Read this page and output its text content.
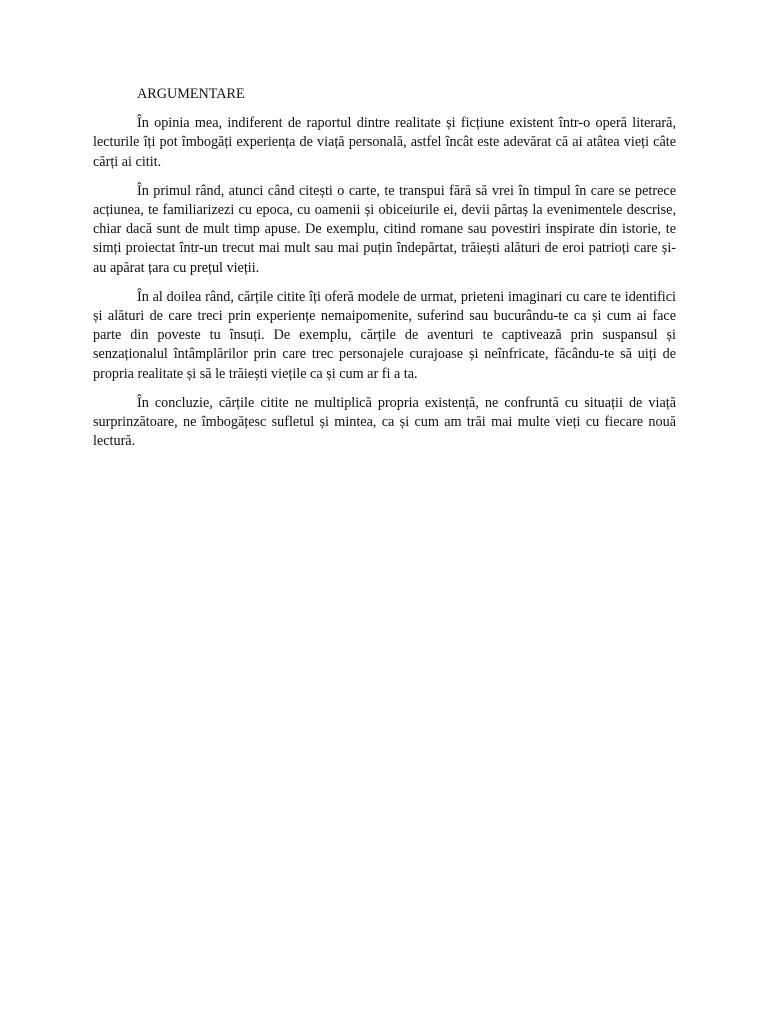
ARGUMENTARE

În opinia mea, indiferent de raportul dintre realitate și ficțiune existent într-o operă literară, lecturile îți pot îmbogăți experiența de viață personală, astfel încât este adevărat că ai atâtea vieți câte cărți ai citit.

În primul rând, atunci când citești o carte, te transpui fără să vrei în timpul în care se petrece acțiunea, te familiarizezi cu epoca, cu oamenii și obiceiurile ei, devii părtaș la evenimentele descrise, chiar dacă sunt de mult timp apuse. De exemplu, citind romane sau povestiri inspirate din istorie, te simți proiectat într-un trecut mai mult sau mai puțin îndepărtat, trăiești alături de eroi patrioți care și-au apărat țara cu prețul vieții.

În al doilea rând, cărțile citite îți oferă modele de urmat, prieteni imaginari cu care te identifici și alături de care treci prin experiențe nemaipomenite, suferind sau bucurându-te ca și cum ai face parte din poveste tu însuți. De exemplu, cărțile de aventuri te captivează prin suspansul și senzaționalul întâmplărilor prin care trec personajele curajoase și neînfricate, făcându-te să uiți de propria realitate și să le trăiești viețile ca și cum ar fi a ta.

În concluzie, cărțile citite ne multiplică propria existență, ne confruntă cu situații de viață surprinzătoare, ne îmbogățesc sufletul și mintea, ca și cum am trăi mai multe vieți cu fiecare nouă lectură.
